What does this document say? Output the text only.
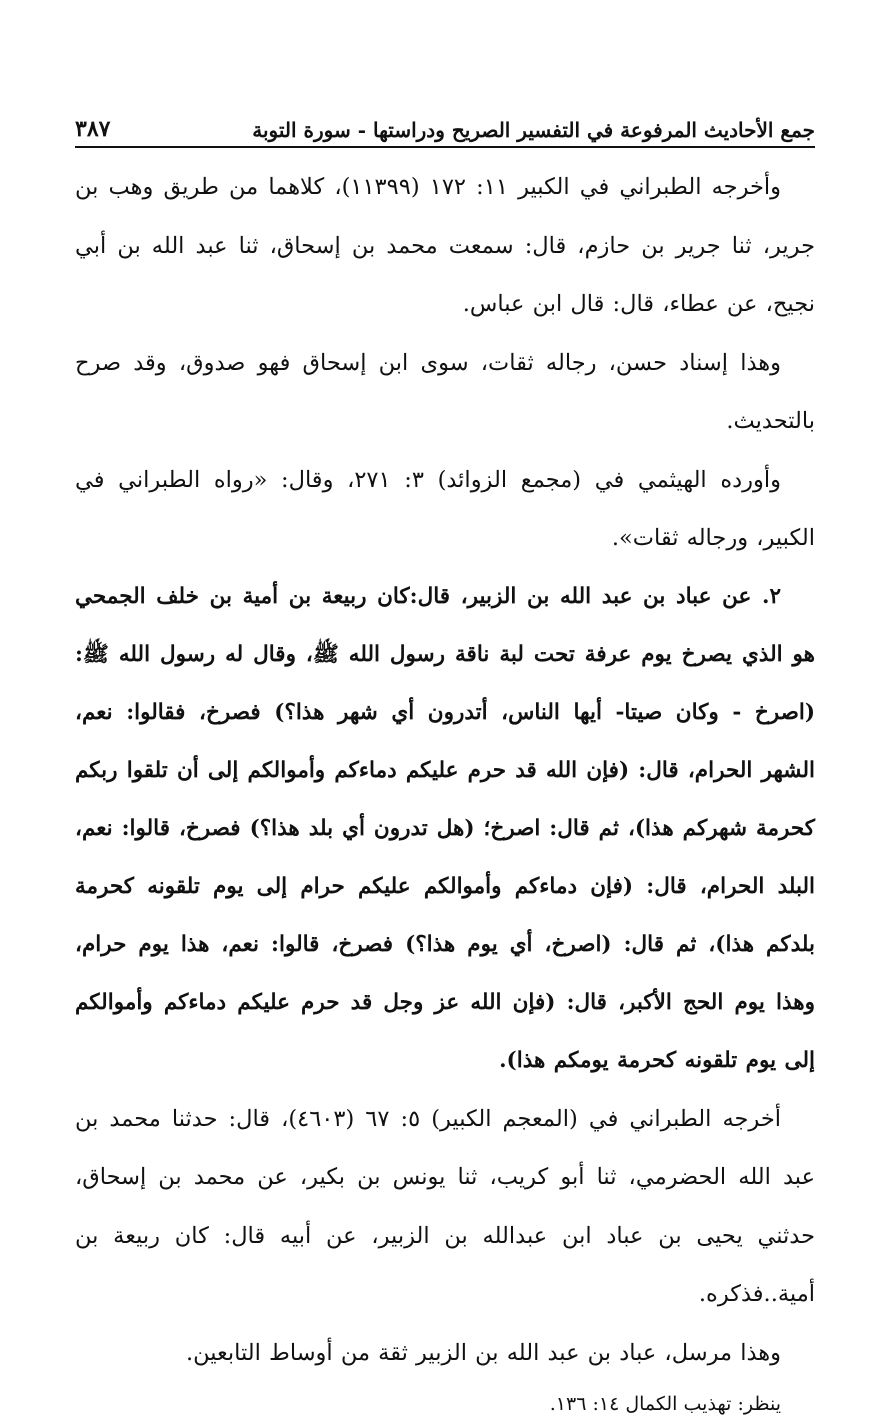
جمع الأحاديث المرفوعة في التفسير الصريح ودراستها - سورة التوبة
٣٨٧

وأخرجه الطبراني في الكبير ١١: ١٧٢ (١١٣٩٩)، كلاهما من طريق وهب بن جرير، ثنا جرير بن حازم، قال: سمعت محمد بن إسحاق، ثنا عبد الله بن أبي نجيح، عن عطاء، قال: قال ابن عباس.

وهذا إسناد حسن، رجاله ثقات، سوى ابن إسحاق فهو صدوق، وقد صرح بالتحديث.

وأورده الهيثمي في (مجمع الزوائد) ٣: ٢٧١، وقال: «رواه الطبراني في الكبير، ورجاله ثقات».

٢. عن عباد بن عبد الله بن الزبير، قال:كان ربيعة بن أمية بن خلف الجمحي هو الذي يصرخ يوم عرفة تحت لبة ناقة رسول الله ﷺ، وقال له رسول الله ﷺ: (اصرخ - وكان صيتا- أيها الناس، أتدرون أي شهر هذا؟) فصرخ، فقالوا: نعم، الشهر الحرام، قال: (فإن الله قد حرم عليكم دماءكم وأموالكم إلى أن تلقوا ربكم كحرمة شهركم هذا)، ثم قال: اصرخ؛ (هل تدرون أي بلد هذا؟) فصرخ، قالوا: نعم، البلد الحرام، قال: (فإن دماءكم وأموالكم عليكم حرام إلى يوم تلقونه كحرمة بلدكم هذا)، ثم قال: (اصرخ، أي يوم هذا؟) فصرخ، قالوا: نعم، هذا يوم حرام، وهذا يوم الحج الأكبر، قال: (فإن الله عز وجل قد حرم عليكم دماءكم وأموالكم إلى يوم تلقونه كحرمة يومكم هذا).

أخرجه الطبراني في (المعجم الكبير) ٥: ٦٧ (٤٦٠٣)، قال: حدثنا محمد بن عبد الله الحضرمي، ثنا أبو كريب، ثنا يونس بن بكير، عن محمد بن إسحاق، حدثني يحيى بن عباد ابن عبدالله بن الزبير، عن أبيه قال: كان ربيعة بن أمية..فذكره.

وهذا مرسل، عباد بن عبد الله بن الزبير ثقة من أوساط التابعين.

ينظر: تهذيب الكمال ١٤: ١٣٦.
